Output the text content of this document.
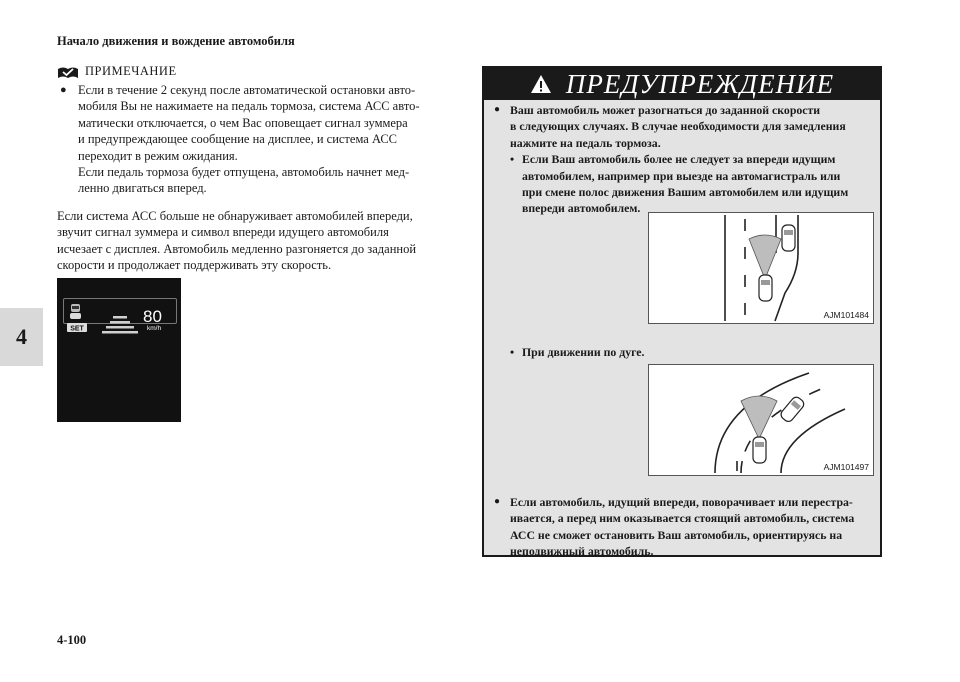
Начало движения и вождение автомобиля
4
4-100
ПРИМЕЧАНИЕ
● Если в течение 2 секунд после автоматической остановки авто-
мобиля Вы не нажимаете на педаль тормоза, система АСС авто-
матически отключается, о чем Вас оповещает сигнал зуммера
и предупреждающее сообщение на дисплее, и система АСС
переходит в режим ожидания.
Если педаль тормоза будет отпущена, автомобиль начнет мед-
ленно двигаться вперед.
Если система АСС больше не обнаруживает автомобилей впереди,
звучит сигнал зуммера и символ впереди идущего автомобиля
исчезает с дисплея. Автомобиль медленно разгоняется до заданной
скорости и продолжает поддерживать эту скорость.
SET
80
km/h
ПРЕДУПРЕЖДЕНИЕ
● Ваш автомобиль может разогнаться до заданной скорости
в следующих случаях. В случае необходимости для замедления
нажмите на педаль тормоза.
• Если Ваш автомобиль более не следует за впереди идущим
автомобилем, например при выезде на автомагистраль или
при смене полос движения Вашим автомобилем или идущим
впереди автомобилем.
AJM101484
• При движении по дуге.
AJM101497
● Если автомобиль, идущий впереди, поворачивает или перестра-
ивается, а перед ним оказывается стоящий автомобиль, система
АСС не сможет остановить Ваш автомобиль, ориентируясь на
неподвижный автомобиль.
